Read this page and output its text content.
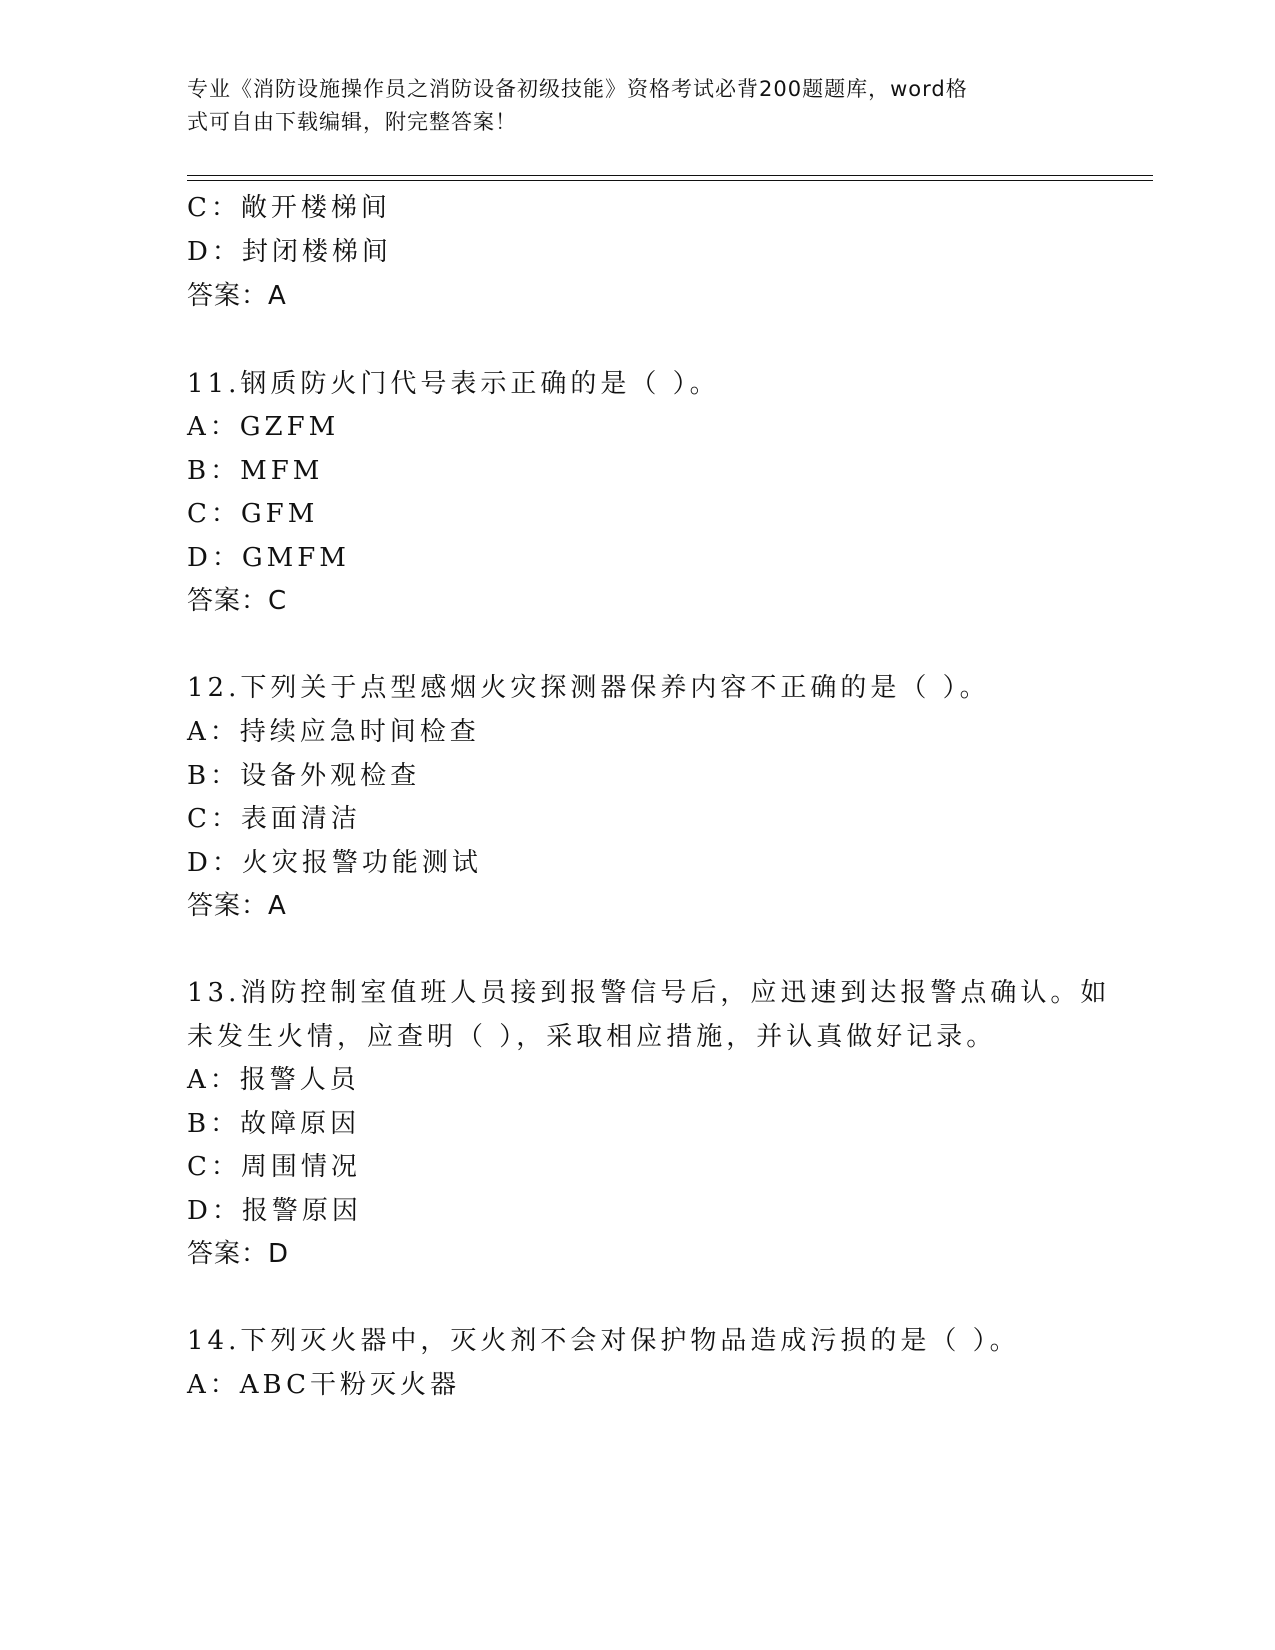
专业《消防设施操作员之消防设备初级技能》资格考试必背200题题库，word格
式可自由下载编辑，附完整答案！
C：敞开楼梯间
D：封闭楼梯间
答案：A
11.钢质防火门代号表示正确的是（ ）。
A：GZFM
B：MFM
C：GFM
D：GMFM
答案：C
12.下列关于点型感烟火灾探测器保养内容不正确的是（ ）。
A：持续应急时间检查
B：设备外观检查
C：表面清洁
D：火灾报警功能测试
答案：A
13.消防控制室值班人员接到报警信号后，应迅速到达报警点确认。如
未发生火情，应查明（ ），采取相应措施，并认真做好记录。
A：报警人员
B：故障原因
C：周围情况
D：报警原因
答案：D
14.下列灭火器中，灭火剂不会对保护物品造成污损的是（ ）。
A：ABC干粉灭火器
